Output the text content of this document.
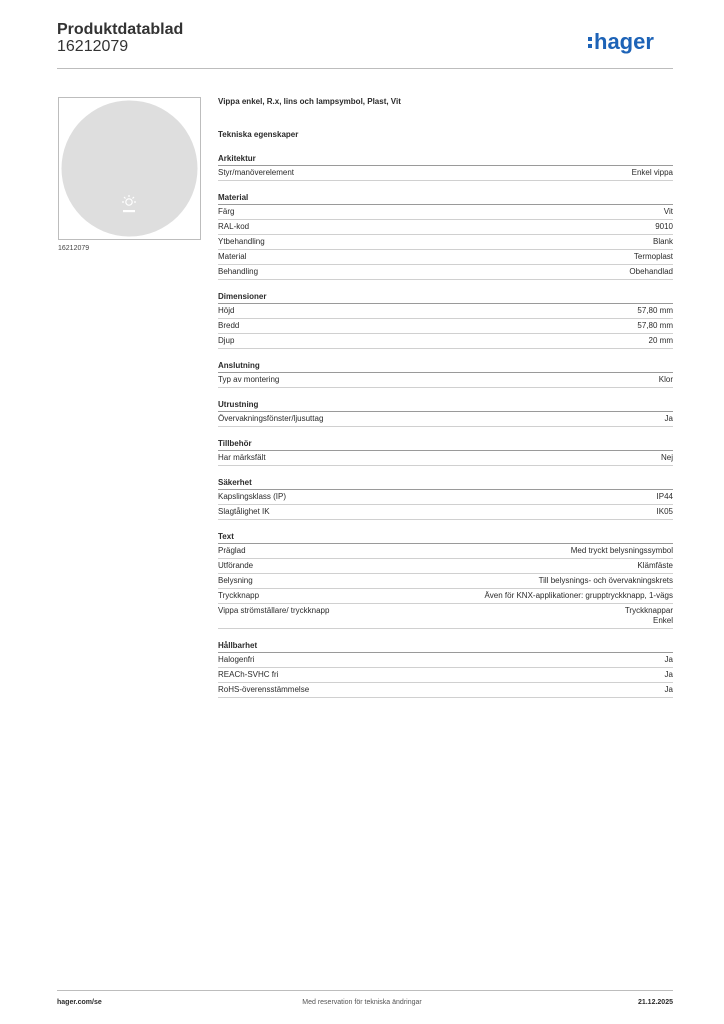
Produktdatablad
16212079	hager
16212079
Vippa enkel, R.x, lins och lampsymbol, Plast, Vit
Tekniska egenskaper
Arkitektur
Styr/manöverelement	Enkel vippa
Material
Färg	Vit
RAL-kod	9010
Ytbehandling	Blank
Material	Termoplast
Behandling	Obehandlad
Dimensioner
Höjd	57,80 mm
Bredd	57,80 mm
Djup	20 mm
Anslutning
Typ av montering	Klor
Utrustning
Övervakningsfönster/ljusuttag	Ja
Tillbehör
Har märksfält	Nej
Säkerhet
Kapslingsklass (IP)	IP44
Slagtålighet IK	IK05
Text
Präglad	Med tryckt belysningssymbol
Utförande	Klämfäste
Belysning	Till belysnings- och övervakningskrets
Tryckknapp	Även för KNX-applikationer: grupptryckknapp, 1-vägs
Vippa strömställare/ tryckknapp	Tryckknappar
Enkel
Hållbarhet
Halogenfri	Ja
REACh-SVHC fri	Ja
RoHS-överensstämmelse	Ja
hager.com/se	Med reservation för tekniska ändringar	21.12.2025
